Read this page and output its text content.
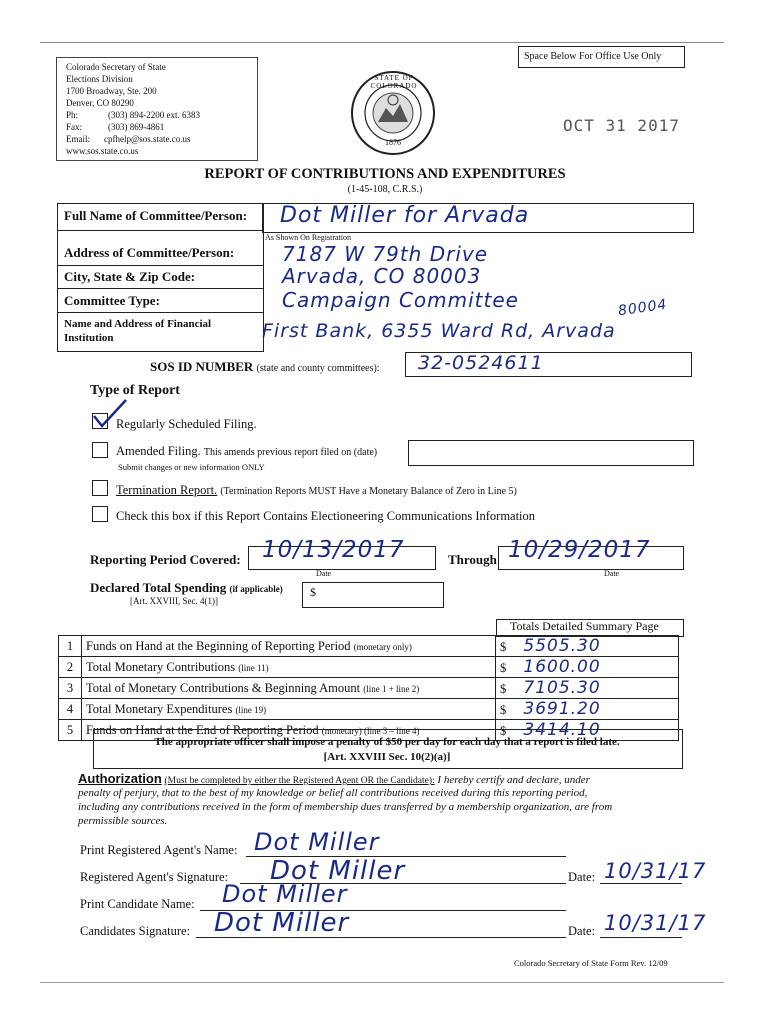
Space Below For Office Use Only
Colorado Secretary of State
Elections Division
1700 Broadway, Ste. 200
Denver, CO 80290
Ph:	(303) 894-2200 ext. 6383
Fax:	(303) 869-4861
Email: cpfhelp@sos.state.co.us
www.sos.state.co.us
STATE OF COLORADO
1876
OCT 31 2017
REPORT OF CONTRIBUTIONS AND EXPENDITURES
(1-45-108, C.R.S.)
Full Name of Committee/Person: Dot Miller for Arvada
As Shown On Registration
Address of Committee/Person: 7187 W 79th Drive
City, State & Zip Code:	Arvada, CO 80003
Committee Type:	Campaign Committee
Name and Address of Financial
Institution
80004
First Bank, 6355 Ward Rd, Arvada
SOS ID NUMBER (state and county committees): 32-0524611
Type of Report
Regularly Scheduled Filing.
Amended Filing. This amends previous report filed on (date)
Submit changes or new information ONLY
Termination Report. (Termination Reports MUST Have a Monetary Balance of Zero in Line 5)
Check this box if this Report Contains Electioneering Communications Information
Reporting Period Covered: 10/13/2017
Date
Through 10/29/2017
Date
Declared Total Spending (if applicable)
[Art. XXVIII, Sec. 4(1)]
$
Totals Detailed Summary Page
1	Funds on Hand at the Beginning of Reporting Period (monetary only)	$ 5505.30
2	Total Monetary Contributions (line 11)	$ 1600.00
3	Total of Monetary Contributions & Beginning Amount (line 1 + line 2)	$ 7105.30
4	Total Monetary Expenditures (line 19)	$ 3691.20
5	Funds on Hand at the End of Reporting Period (monetary) (line 3 – line 4)	$ 3414.10
The appropriate officer shall impose a penalty of $50 per day for each day that a report is filed late.
[Art. XXVIII Sec. 10(2)(a)]
Authorization (Must be completed by either the Registered Agent OR the Candidate): I hereby certify and declare, under
penalty of perjury, that to the best of my knowledge or belief all contributions received during this reporting period,
including any contributions received in the form of membership dues transferred by a membership organization, are from
permissible sources.
Print Registered Agent's Name: Dot Miller
Registered Agent's Signature: Dot Miller	Date: 10/31/17
Print Candidate Name: Dot Miller
Candidates Signature: Dot Miller	Date: 10/31/17
Colorado Secretary of State Form Rev. 12/09
